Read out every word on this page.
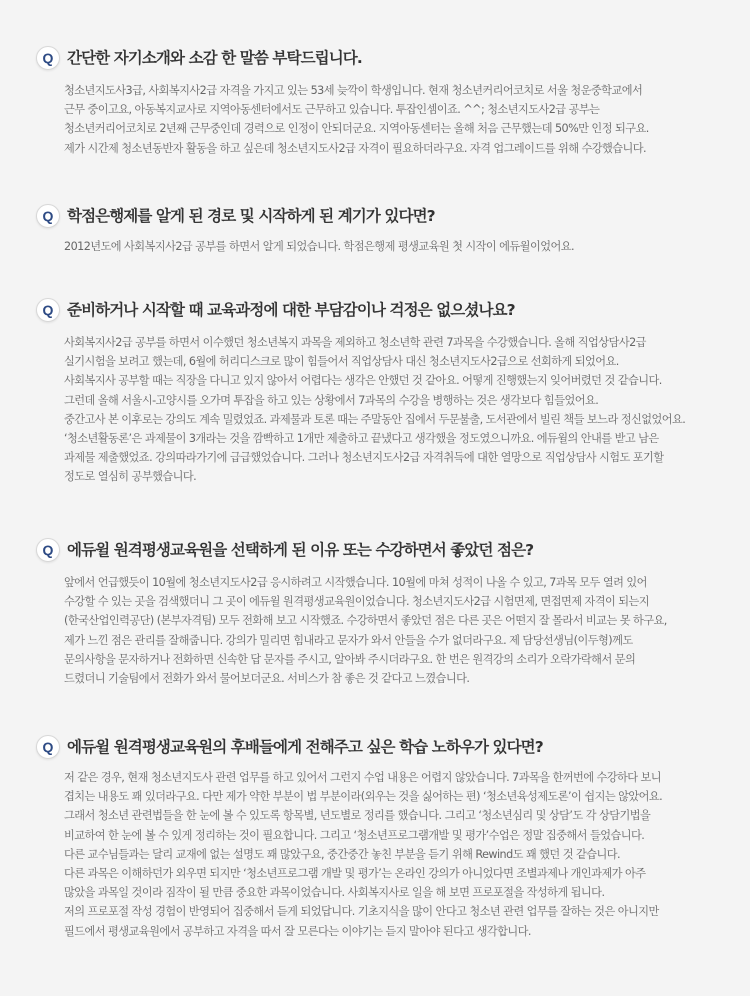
Q 간단한 자기소개와 소감 한 말씀 부탁드립니다.
청소년지도사3급, 사회복지사2급 자격을 가지고 있는 53세 늦깍이 학생입니다. 현재 청소년커리어코치로 서울 청운중학교에서
근무 중이고요, 아동복지교사로 지역아동센터에서도 근무하고 있습니다. 투잡인셈이죠. ^^; 청소년지도사2급 공부는
청소년커리어코치로 2년째 근무중인데 경력으로 인정이 안되더군요. 지역아동센터는 올해 처음 근무했는데 50%만 인정 되구요.
제가 시간제 청소년동반자 활동을 하고 싶은데 청소년지도사2급 자격이 필요하더라구요. 자격 업그레이드를 위해 수강했습니다.
Q 학점은행제를 알게 된 경로 및 시작하게 된 계기가 있다면?
2012년도에 사회복지사2급 공부를 하면서 알게 되었습니다. 학점은행제 평생교육원 첫 시작이 에듀윌이었어요.
Q 준비하거나 시작할 때 교육과정에 대한 부담감이나 걱정은 없으셨나요?
사회복지사2급 공부를 하면서 이수했던 청소년복지 과목을 제외하고 청소년학 관련 7과목을 수강했습니다. 올해 직업상담사2급
실기시험을 보려고 했는데, 6월에 허리디스크로 많이 힘들어서 직업상담사 대신 청소년지도사2급으로 선회하게 되었어요.
사회복지사 공부할 때는 직장을 다니고 있지 않아서 어렵다는 생각은 안했던 것 같아요. 어떻게 진행했는지 잊어버렸던 것 같습니다.
그런데 올해 서울시-고양시를 오가며 투잡을 하고 있는 상황에서 7과목의 수강을 병행하는 것은 생각보다 힘들었어요.
중간고사 본 이후로는 강의도 계속 밀렸었죠. 과제물과 토론 때는 주말동안 집에서 두문불출, 도서관에서 빌린 책들 보느라 정신없었어요.
‘청소년활동론’은 과제물이 3개라는 것을 깜빡하고 1개만 제출하고 끝냈다고 생각했을 정도였으니까요. 에듀윌의 안내를 받고 남은
과제물 제출했었죠. 강의따라가기에 급급했었습니다. 그러나 청소년지도사2급 자격취득에 대한 열망으로 직업상담사 시험도 포기할
정도로 열심히 공부했습니다.
Q 에듀윌 원격평생교육원을 선택하게 된 이유 또는 수강하면서 좋았던 점은?
앞에서 언급했듯이 10월에 청소년지도사2급 응시하려고 시작했습니다. 10월에 마쳐 성적이 나올 수 있고, 7과목 모두 열려 있어
수강할 수 있는 곳을 검색했더니 그 곳이 에듀윌 원격평생교육원이었습니다. 청소년지도사2급 시험면제, 면접면제 자격이 되는지
(한국산업인력공단) (본부자격팀) 모두 전화해 보고 시작했죠. 수강하면서 좋았던 점은 다른 곳은 어떤지 잘 몰라서 비교는 못 하구요,
제가 느낀 점은 관리를 잘해줍니다. 강의가 밀리면 힘내라고 문자가 와서 안들을 수가 없더라구요. 제 담당선생님(이두형)께도
문의사항을 문자하거나 전화하면 신속한 답 문자를 주시고, 알아봐 주시더라구요. 한 번은 원격강의 소리가 오락가락해서 문의
드렸더니 기술팀에서 전화가 와서 물어보더군요. 서비스가 참 좋은 것 같다고 느꼈습니다.
Q 에듀윌 원격평생교육원의 후배들에게 전해주고 싶은 학습 노하우가 있다면?
저 같은 경우, 현재 청소년지도사 관련 업무를 하고 있어서 그런지 수업 내용은 어렵지 않았습니다. 7과목을 한꺼번에 수강하다 보니
겹치는 내용도 꽤 있더라구요. 다만 제가 약한 부분이 법 부분이라(외우는 것을 싫어하는 편) ‘청소년육성제도론’이 쉽지는 않았어요.
그래서 청소년 관련법들을 한 눈에 볼 수 있도록 항목별, 년도별로 정리를 했습니다. 그리고 ‘청소년심리 및 상담’도 각 상담기법을
비교하여 한 눈에 볼 수 있게 정리하는 것이 필요합니다. 그리고 ‘청소년프로그램개발 및 평가’수업은 정말 집중해서 들었습니다.
다른 교수님들과는 달리 교재에 없는 설명도 꽤 많았구요, 중간중간 놓친 부분을 듣기 위해 Rewind도 꽤 했던 것 같습니다.
다른 과목은 이해하던가 외우면 되지만 ‘청소년프로그램 개발 및 평가’는 온라인 강의가 아니었다면 조별과제나 개인과제가 아주
많았을 과목일 것이라 짐작이 될 만큼 중요한 과목이었습니다. 사회복지사로 일을 해 보면 프로포절을 작성하게 됩니다.
저의 프로포절 작성 경험이 반영되어 집중해서 듣게 되었답니다. 기초지식을 많이 안다고 청소년 관련 업무를 잘하는 것은 아니지만
필드에서 평생교육원에서 공부하고 자격을 따서 잘 모른다는 이야기는 듣지 말아야 된다고 생각합니다.
